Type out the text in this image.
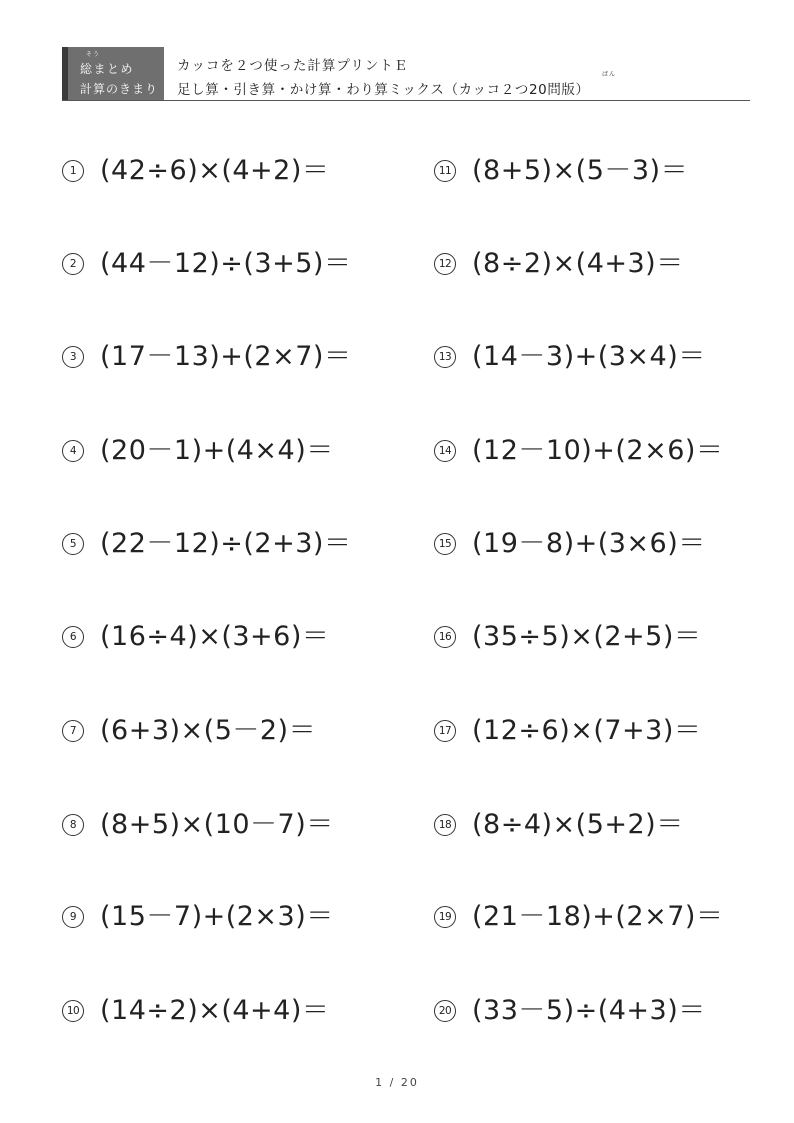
そう
総まとめ
計算のきまり
カッコを２つ使った計算プリントＥ
ばん
足し算・引き算・かけ算・わり算ミックス（カッコ２つ20問版）
1 (42÷6)×(4+2)＝
2 (44－12)÷(3+5)＝
3 (17－13)+(2×7)＝
4 (20－1)+(4×4)＝
5 (22－12)÷(2+3)＝
6 (16÷4)×(3+6)＝
7 (6+3)×(5－2)＝
8 (8+5)×(10－7)＝
9 (15－7)+(2×3)＝
10 (14÷2)×(4+4)＝
11 (8+5)×(5－3)＝
12 (8÷2)×(4+3)＝
13 (14－3)+(3×4)＝
14 (12－10)+(2×6)＝
15 (19－8)+(3×6)＝
16 (35÷5)×(2+5)＝
17 (12÷6)×(7+3)＝
18 (8÷4)×(5+2)＝
19 (21－18)+(2×7)＝
20 (33－5)÷(4+3)＝
1 / 20
